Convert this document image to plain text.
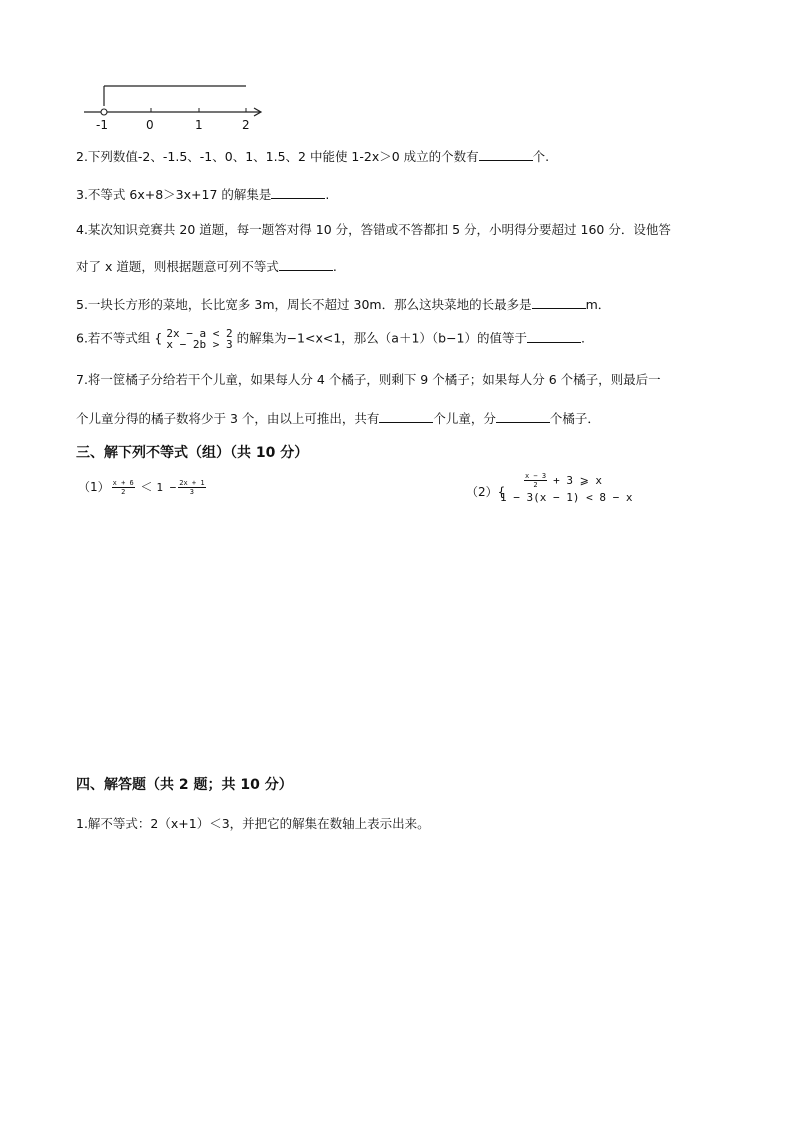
-1	0	1	2
2.下列数值-2、-1.5、-1、0、1、1.5、2 中能使 1-2x＞0 成立的个数有	个.
3.不等式 6x+8＞3x+17 的解集是	.
4.某次知识竞赛共 20 道题，每一题答对得 10 分，答错或不答都扣 5 分，小明得分要超过 160 分．设他答
对了 x 道题，则根据题意可列不等式	.
5.一块长方形的菜地，长比宽多 3m，周长不超过 30m．那么这块菜地的长最多是	m．
6.若不等式组 { 2x − a < 2
x − 2b > 3 的解集为−1<x<1，那么（a＋1）（b−1）的值等于	.
7.将一筐橘子分给若干个儿童，如果每人分 4 个橘子，则剩下 9 个橘子；如果每人分 6 个橘子，则最后一
个儿童分得的橘子数将少于 3 个，由以上可推出，共有	个儿童，分	个橘子．
三、解下列不等式（组）（共 10 分）
$(1) \frac{x + 6}{2} < 1 - \frac{2x + 1}{3}$	（2）{
$\frac{x - 3}{2} + 3$ ⩾ x
1 − 3(x − 1) < 8 − x
四、解答题（共 2 题；共 10 分）
1.解不等式：2（x+1）＜3，并把它的解集在数轴上表示出来。
